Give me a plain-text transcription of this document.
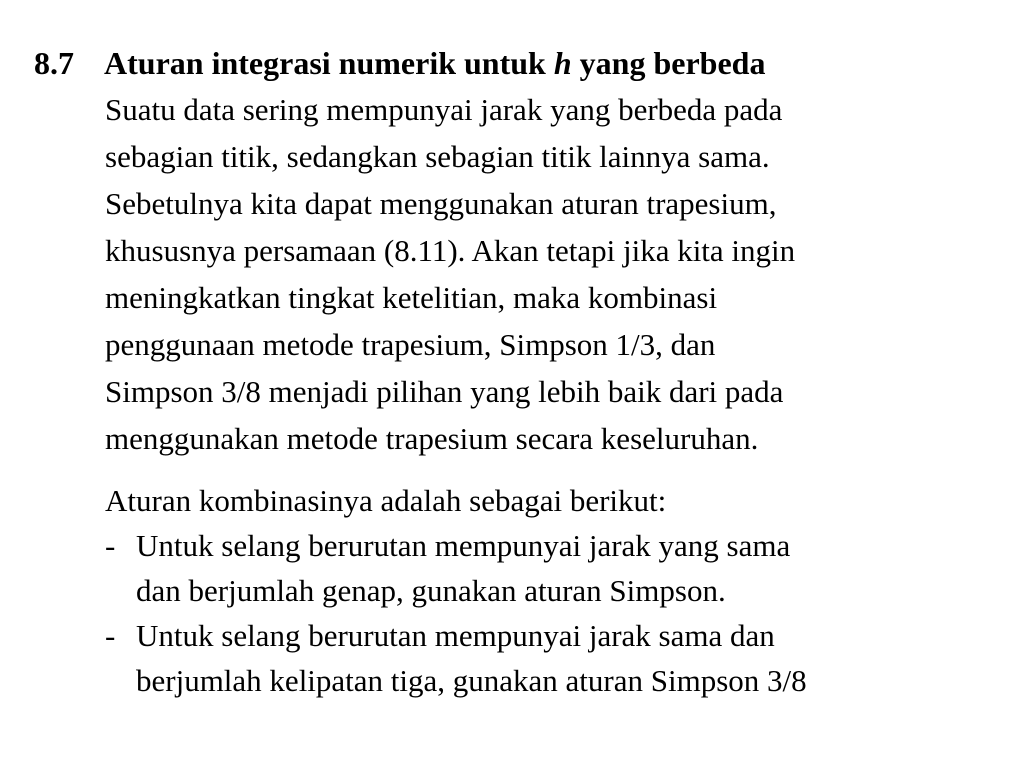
8.7 Aturan integrasi numerik untuk h yang berbeda
Suatu data sering mempunyai jarak yang berbeda pada
sebagian titik, sedangkan sebagian titik lainnya sama.
Sebetulnya kita dapat menggunakan aturan trapesium,
khususnya persamaan (8.11). Akan tetapi jika kita ingin
meningkatkan tingkat ketelitian, maka kombinasi
penggunaan metode trapesium, Simpson 1/3, dan
Simpson 3/8 menjadi pilihan yang lebih baik dari pada
menggunakan metode trapesium secara keseluruhan.
Aturan kombinasinya adalah sebagai berikut:
- Untuk selang berurutan mempunyai jarak yang sama
dan berjumlah genap, gunakan aturan Simpson.
- Untuk selang berurutan mempunyai jarak sama dan
berjumlah kelipatan tiga, gunakan aturan Simpson 3/8
